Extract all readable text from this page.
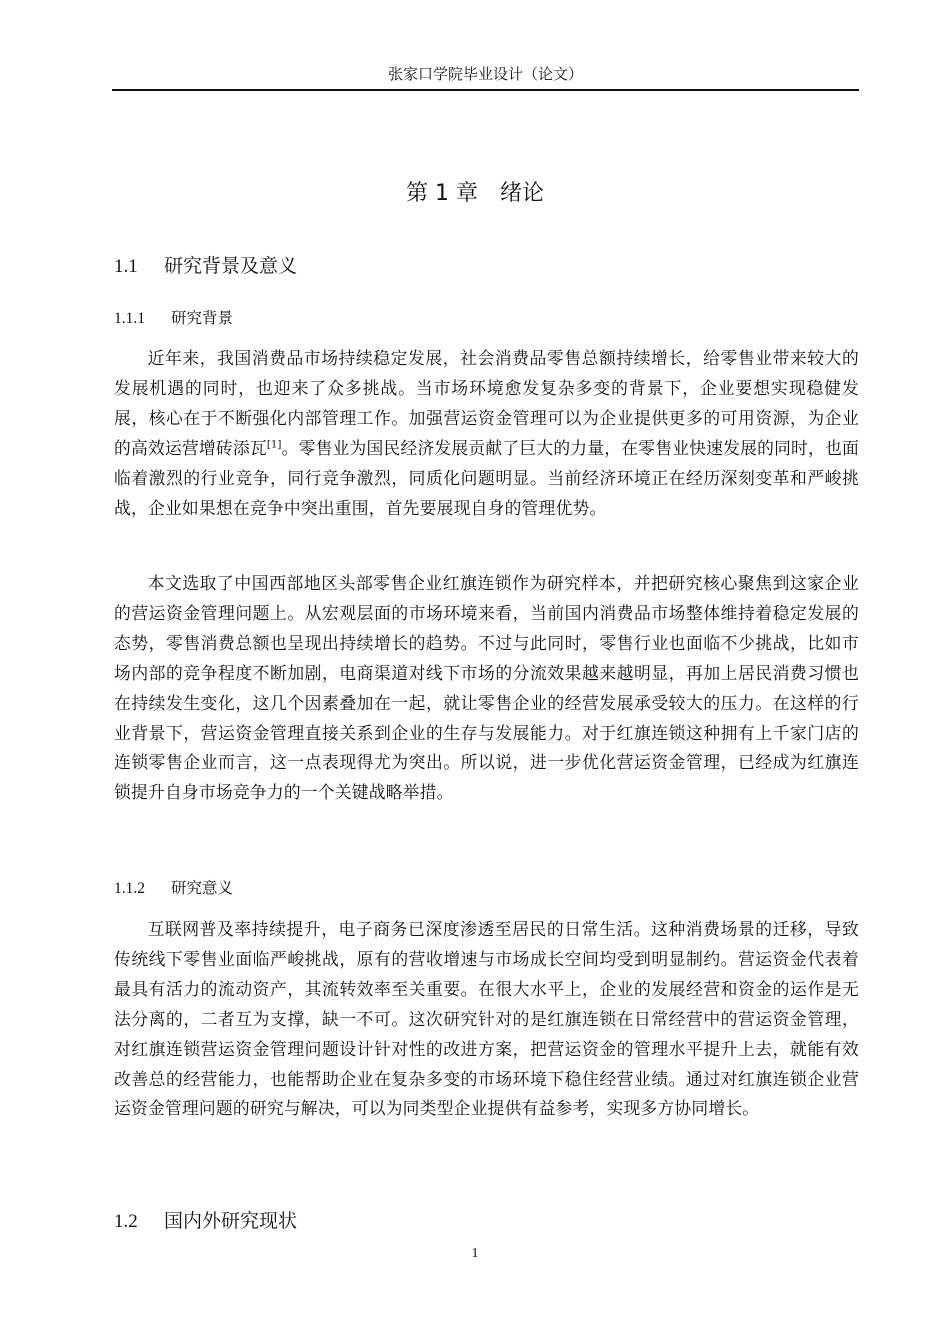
张家口学院毕业设计（论文）
第 1 章　绪论
1.1 研究背景及意义
1.1.1 研究背景

近年来，我国消费品市场持续稳定发展，社会消费品零售总额持续增长，给零售业带来较大的发展机遇的同时，也迎来了众多挑战。当市场环境愈发复杂多变的背景下，企业要想实现稳健发展，核心在于不断强化内部管理工作。加强营运资金管理可以为企业提供更多的可用资源，为企业的高效运营增砖添瓦[1]。零售业为国民经济发展贡献了巨大的力量，在零售业快速发展的同时，也面临着激烈的行业竞争，同行竞争激烈，同质化问题明显。当前经济环境正在经历深刻变革和严峻挑战，企业如果想在竞争中突出重围，首先要展现自身的管理优势。

本文选取了中国西部地区头部零售企业红旗连锁作为研究样本，并把研究核心聚焦到这家企业的营运资金管理问题上。从宏观层面的市场环境来看，当前国内消费品市场整体维持着稳定发展的态势，零售消费总额也呈现出持续增长的趋势。不过与此同时，零售行业也面临不少挑战，比如市场内部的竞争程度不断加剧，电商渠道对线下市场的分流效果越来越明显，再加上居民消费习惯也在持续发生变化，这几个因素叠加在一起，就让零售企业的经营发展承受较大的压力。在这样的行业背景下，营运资金管理直接关系到企业的生存与发展能力。对于红旗连锁这种拥有上千家门店的连锁零售企业而言，这一点表现得尤为突出。所以说，进一步优化营运资金管理，已经成为红旗连锁提升自身市场竞争力的一个关键战略举措。

1.1.2 研究意义

互联网普及率持续提升，电子商务已深度渗透至居民的日常生活。这种消费场景的迁移，导致传统线下零售业面临严峻挑战，原有的营收增速与市场成长空间均受到明显制约。营运资金代表着最具有活力的流动资产，其流转效率至关重要。在很大水平上，企业的发展经营和资金的运作是无法分离的，二者互为支撑，缺一不可。这次研究针对的是红旗连锁在日常经营中的营运资金管理，对红旗连锁营运资金管理问题设计针对性的改进方案，把营运资金的管理水平提升上去，就能有效改善总的经营能力，也能帮助企业在复杂多变的市场环境下稳住经营业绩。通过对红旗连锁企业营运资金管理问题的研究与解决，可以为同类型企业提供有益参考，实现多方协同增长。

1.2 国内外研究现状
1
